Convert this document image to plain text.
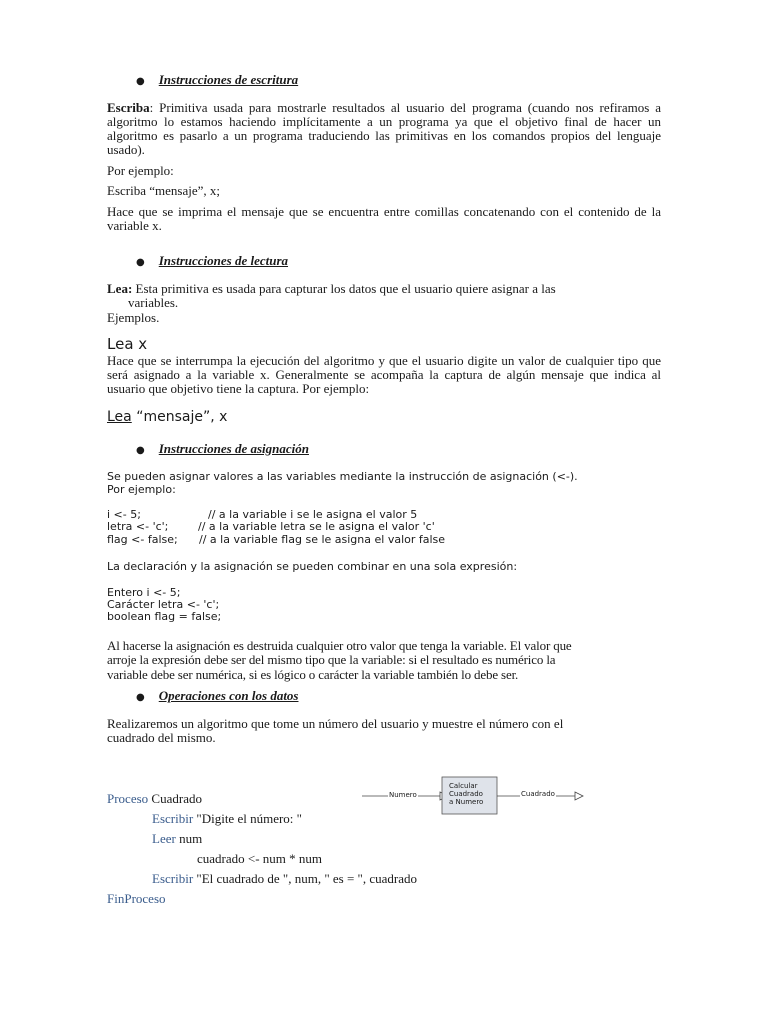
● Instrucciones de escritura
Escriba: Primitiva usada para mostrarle resultados al usuario del programa (cuando nos refiramos a algoritmo lo estamos haciendo implícitamente a un programa ya que el objetivo final de hacer un algoritmo es pasarlo a un programa traduciendo las primitivas en los comandos propios del lenguaje usado).
Por ejemplo:
Escriba “mensaje”, x;
Hace que se imprima el mensaje que se encuentra entre comillas concatenando con el contenido de la variable x.
● Instrucciones de lectura
Lea: Esta primitiva es usada para capturar los datos que el usuario quiere asignar a las
variables.
Ejemplos.
Lea x
Hace que se interrumpa la ejecución del algoritmo y que el usuario digite un valor de cualquier tipo que será asignado a la variable x. Generalmente se acompaña la captura de algún mensaje que indica al usuario que objetivo tiene la captura. Por ejemplo:
Lea “mensaje”, x
● Instrucciones de asignación
Se pueden asignar valores a las variables mediante la instrucción de asignación (<-).
Por ejemplo:
i <- 5;	// a la variable i se le asigna el valor 5
letra <- 'c';	// a la variable letra se le asigna el valor 'c'
flag <- false; // a la variable flag se le asigna el valor false
La declaración y la asignación se pueden combinar en una sola expresión:
Entero i <- 5;
Carácter letra <- 'c';
boolean flag = false;
Al hacerse la asignación es destruida cualquier otro valor que tenga la variable. El valor que
arroje la expresión debe ser del mismo tipo que la variable: si el resultado es numérico la
variable debe ser numérica, si es lógico o carácter la variable también lo debe ser.
● Operaciones con los datos
Realizaremos un algoritmo que tome un número del usuario y muestre el número con el
cuadrado del mismo.
Numero
Calcular
Cuadrado
a Numero
Cuadrado
Proceso Cuadrado
Escribir "Digite el número: "
Leer num
cuadrado <- num * num
Escribir "El cuadrado de ", num, " es = ", cuadrado
FinProceso
